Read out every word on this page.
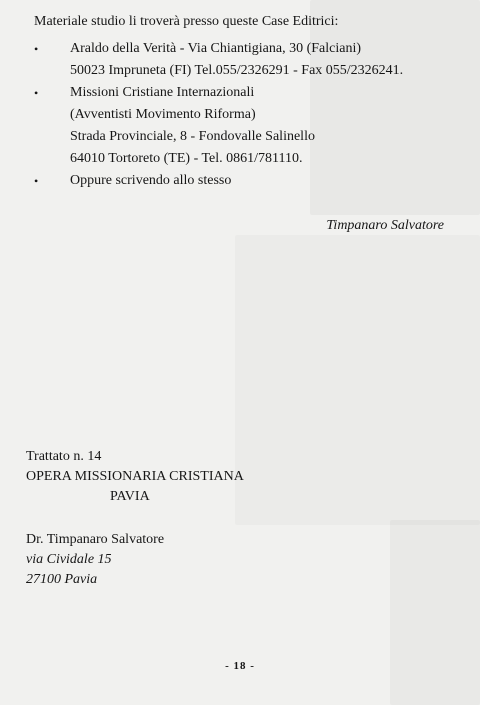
Materiale studio li troverà presso queste Case Editrici:
•	Araldo della Verità - Via Chiantigiana, 30 (Falciani)
50023 Impruneta (FI) Tel.055/2326291 - Fax 055/2326241.
•	Missioni Cristiane Internazionali
(Avventisti Movimento Riforma)
Strada Provinciale, 8 - Fondovalle Salinello
64010 Tortoreto (TE) - Tel. 0861/781110.
•	Oppure scrivendo allo stesso
Timpanaro Salvatore
Trattato n. 14
OPERA MISSIONARIA CRISTIANA
PAVIA
Dr. Timpanaro Salvatore
via Cividale 15
27100 Pavia
- 18 -
